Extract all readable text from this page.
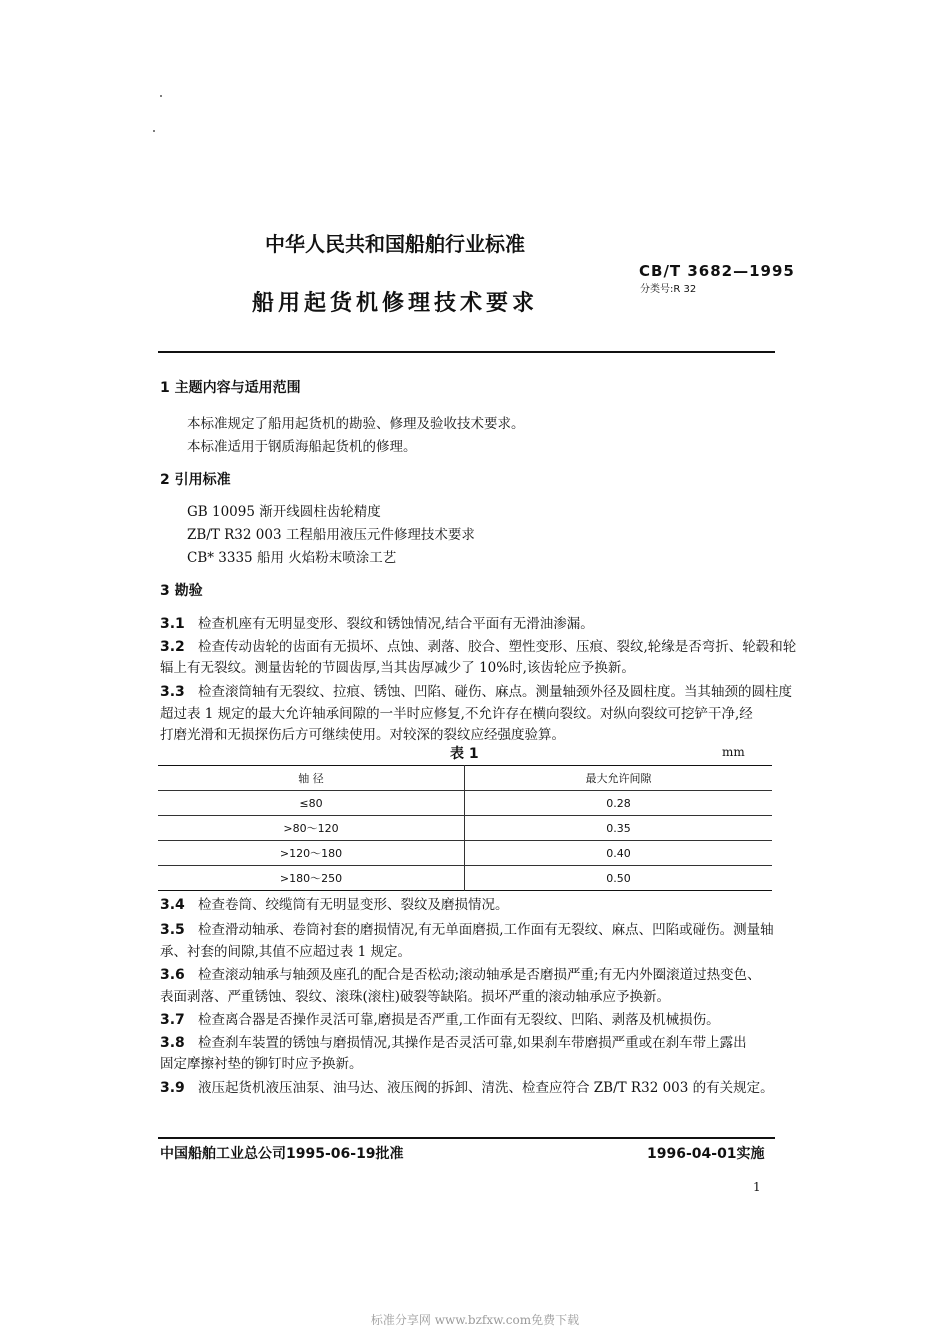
中华人民共和国船舶行业标准
CB/T 3682—1995
分类号:R 32
船用起货机修理技术要求
1 主题内容与适用范围
本标准规定了船用起货机的勘验、修理及验收技术要求。
本标准适用于钢质海船起货机的修理。
2 引用标准
GB 10095 渐开线圆柱齿轮精度
ZB/T R32 003 工程船用液压元件修理技术要求
CB* 3335 船用 火焰粉末喷涂工艺
3 勘验
3.1 检查机座有无明显变形、裂纹和锈蚀情况,结合平面有无滑油渗漏。
3.2 检查传动齿轮的齿面有无损坏、点蚀、剥落、胶合、塑性变形、压痕、裂纹,轮缘是否弯折、轮毂和轮
辐上有无裂纹。测量齿轮的节圆齿厚,当其齿厚减少了 10%时,该齿轮应予换新。
3.3 检查滚筒轴有无裂纹、拉痕、锈蚀、凹陷、碰伤、麻点。测量轴颈外径及圆柱度。当其轴颈的圆柱度
超过表 1 规定的最大允许轴承间隙的一半时应修复,不允许存在横向裂纹。对纵向裂纹可挖铲干净,经
打磨光滑和无损探伤后方可继续使用。对较深的裂纹应经强度验算。
表 1	mm
轴 径	最大允许间隙
≤80	0.28
>80～120	0.35
>120～180	0.40
>180～250	0.50
3.4 检查卷筒、绞缆筒有无明显变形、裂纹及磨损情况。
3.5 检查滑动轴承、卷筒衬套的磨损情况,有无单面磨损,工作面有无裂纹、麻点、凹陷或碰伤。测量轴
承、衬套的间隙,其值不应超过表 1 规定。
3.6 检查滚动轴承与轴颈及座孔的配合是否松动;滚动轴承是否磨损严重;有无内外圈滚道过热变色、
表面剥落、严重锈蚀、裂纹、滚珠(滚柱)破裂等缺陷。损坏严重的滚动轴承应予换新。
3.7 检查离合器是否操作灵活可靠,磨损是否严重,工作面有无裂纹、凹陷、剥落及机械损伤。
3.8 检查刹车装置的锈蚀与磨损情况,其操作是否灵活可靠,如果刹车带磨损严重或在刹车带上露出
固定摩擦衬垫的铆钉时应予换新。
3.9 液压起货机液压油泵、油马达、液压阀的拆卸、清洗、检查应符合 ZB/T R32 003 的有关规定。
中国船舶工业总公司1995-06-19批准	1996-04-01实施
1
标准分享网 www.bzfxw.com免费下载
